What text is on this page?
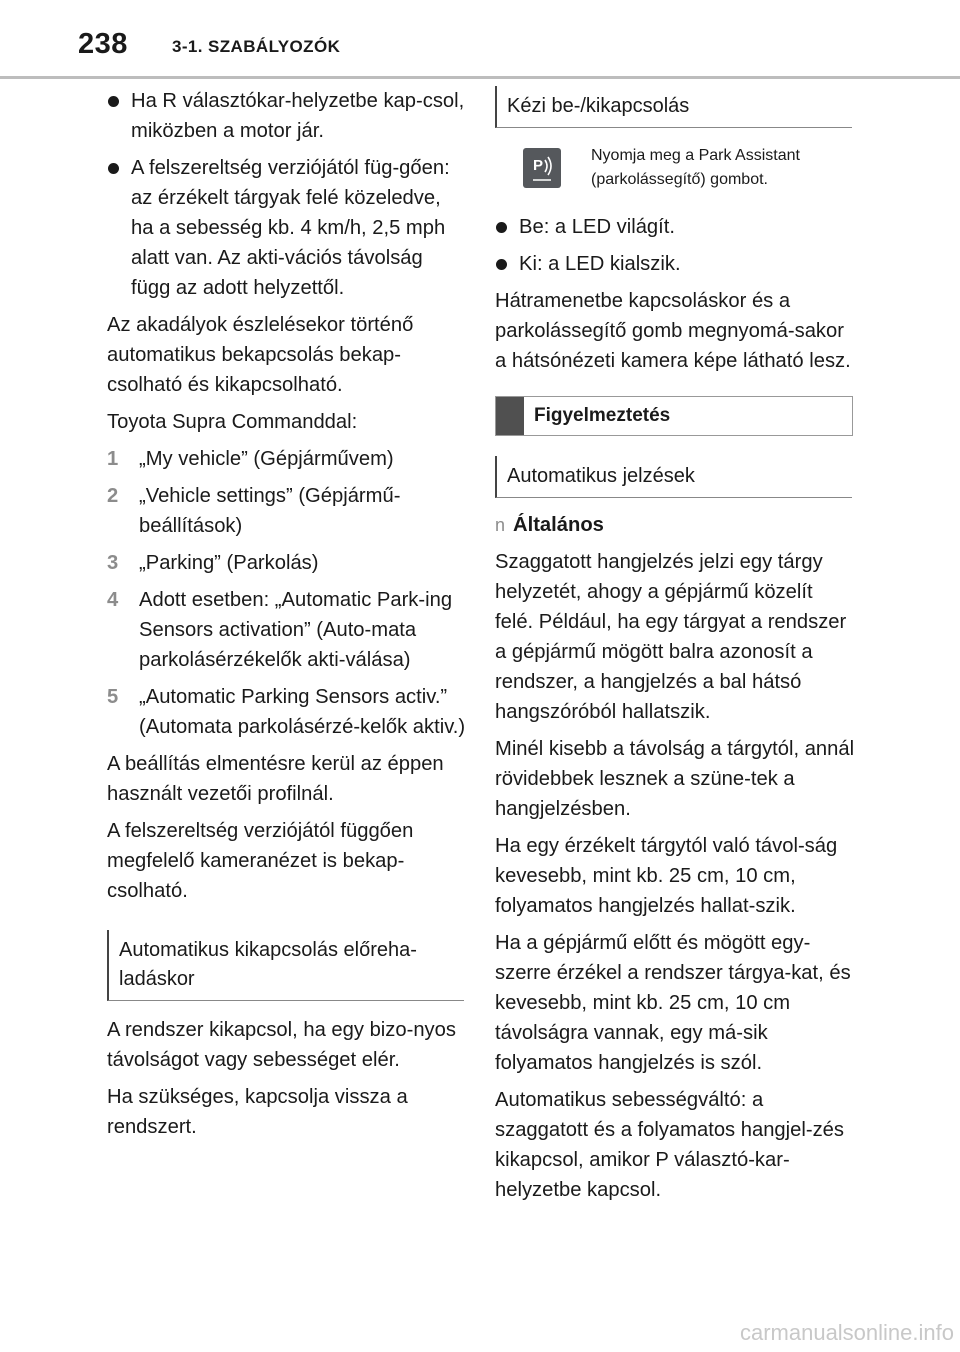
238	3-1. SZABÁLYOZÓK
Ha R választókar-helyzetbe kap-csol, miközben a motor jár.
A felszereltség verziójától füg-gően: az érzékelt tárgyak felé közeledve, ha a sebesség kb. 4 km/h, 2,5 mph alatt van. Az akti-vációs távolság függ az adott helyzettől.

Az akadályok észlelésekor történő automatikus bekapcsolás bekap-csolható és kikapcsolható.

Toyota Supra Commanddal:

1 „My vehicle” (Gépjárművem)
2 „Vehicle settings” (Gépjármű-beállítások)
3 „Parking” (Parkolás)
4 Adott esetben: „Automatic Park-ing Sensors activation” (Auto-mata parkolásérzékelők akti-válása)
5 „Automatic Parking Sensors activ.” (Automata parkolásérzé-kelők aktiv.)

A beállítás elmentésre kerül az éppen használt vezetői profilnál.

A felszereltség verziójától függően megfelelő kameranézet is bekap-csolható.

Automatikus kikapcsolás előreha-ladáskor

A rendszer kikapcsol, ha egy bizo-nyos távolságot vagy sebességet elér.

Ha szükséges, kapcsolja vissza a rendszert.

Kézi be-/kikapcsolás
P
Nyomja meg a Park Assistant (parkolássegítő) gombot.
Be: a LED világít.
Ki: a LED kialszik.

Hátramenetbe kapcsoláskor és a parkolássegítő gomb megnyomá-sakor a hátsónézeti kamera képe látható lesz.

Figyelmeztetés
Automatikus jelzések

n Általános

Szaggatott hangjelzés jelzi egy tárgy helyzetét, ahogy a gépjármű közelít felé. Például, ha egy tárgyat a rendszer a gépjármű mögött balra azonosít a rendszer, a hangjelzés a bal hátsó hangszóróból hallatszik.

Minél kisebb a távolság a tárgytól, annál rövidebbek lesznek a szüne-tek a hangjelzésben.

Ha egy érzékelt tárgytól való távol-ság kevesebb, mint kb. 25 cm, 10 cm, folyamatos hangjelzés hallat-szik.

Ha a gépjármű előtt és mögött egy-szerre érzékel a rendszer tárgya-kat, és kevesebb, mint kb. 25 cm, 10 cm távolságra vannak, egy má-sik folyamatos hangjelzés is szól.

Automatikus sebességváltó: a szaggatott és a folyamatos hangjel-zés kikapcsol, amikor P választó-kar-helyzetbe kapcsol.

carmanualsonline.info
